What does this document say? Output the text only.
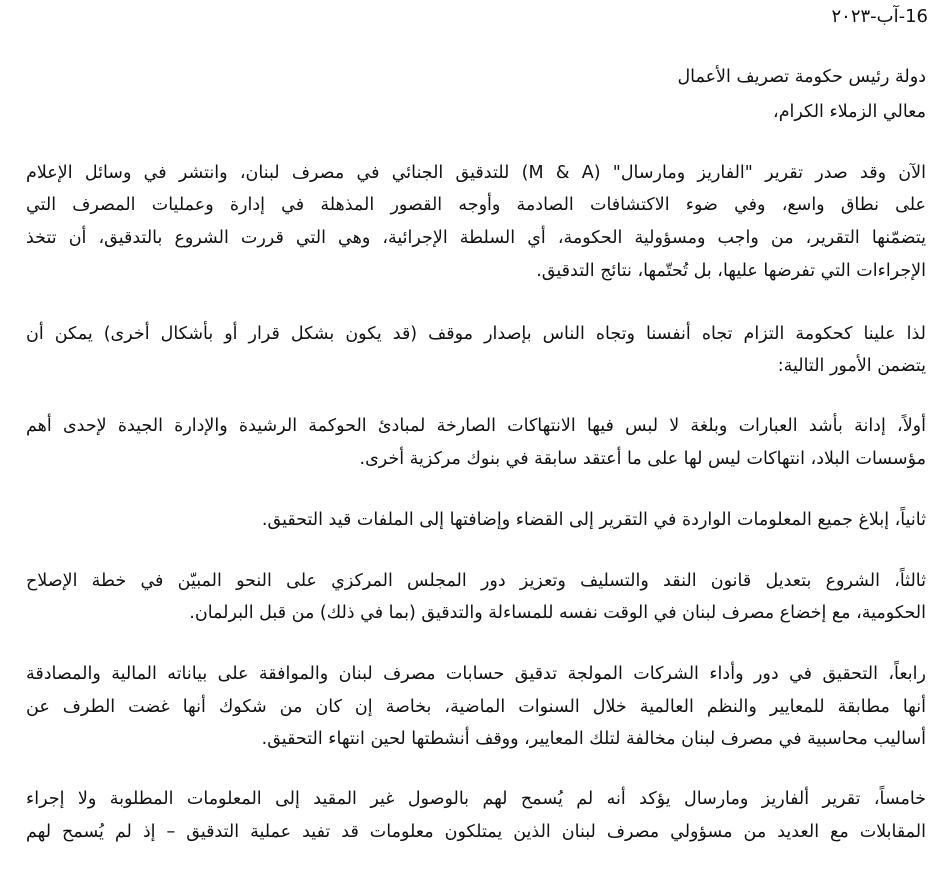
16-آب-٢٠٢٣

دولة رئيس حكومة تصريف الأعمال

معالي الزملاء الكرام،

الآن وقد صدر تقرير "الفاريز ومارسال" (M & A) للتدقيق الجنائي في مصرف لبنان، وانتشر في وسائل الإعلام

على نطاق واسع، وفي ضوء الاكتشافات الصادمة وأوجه القصور المذهلة في إدارة وعمليات المصرف التي

يتضمّنها التقرير، من واجب ومسؤولية الحكومة، أي السلطة الإجرائية، وهي التي قررت الشروع بالتدقيق، أن تتخذ

الإجراءات التي تفرضها عليها، بل تُحتّمها، نتائج التدقيق.

لذا علينا كحكومة التزام تجاه أنفسنا وتجاه الناس بإصدار موقف (قد يكون بشكل قرار أو بأشكال أخرى) يمكن أن

يتضمن الأمور التالية:

أولاً، إدانة بأشد العبارات وبلغة لا لبس فيها الانتهاكات الصارخة لمبادئ الحوكمة الرشيدة والإدارة الجيدة لإحدى أهم

مؤسسات البلاد، انتهاكات ليس لها على ما أعتقد سابقة في بنوك مركزية أخرى.

ثانياً، إبلاغ جميع المعلومات الواردة في التقرير إلى القضاء وإضافتها إلى الملفات قيد التحقيق.

ثالثاً، الشروع بتعديل قانون النقد والتسليف وتعزيز دور المجلس المركزي على النحو المبيّن في خطة الإصلاح

الحكومية، مع إخضاع مصرف لبنان في الوقت نفسه للمساءلة والتدقيق (بما في ذلك) من قبل البرلمان.

رابعاً، التحقيق في دور وأداء الشركات المولجة تدقيق حسابات مصرف لبنان والموافقة على بياناته المالية والمصادقة

أنها مطابقة للمعايير والنظم العالمية خلال السنوات الماضية، بخاصة إن كان من شكوك أنها غضت الطرف عن

أساليب محاسبية في مصرف لبنان مخالفة لتلك المعايير، ووقف أنشطتها لحين انتهاء التحقيق.

خامساً، تقرير ألفاريز ومارسال يؤكد أنه لم يُسمح لهم بالوصول غير المقيد إلى المعلومات المطلوبة ولا إجراء

المقابلات مع العديد من مسؤولي مصرف لبنان الذين يمتلكون معلومات قد تفيد عملية التدقيق – إذ لم يُسمح لهم
